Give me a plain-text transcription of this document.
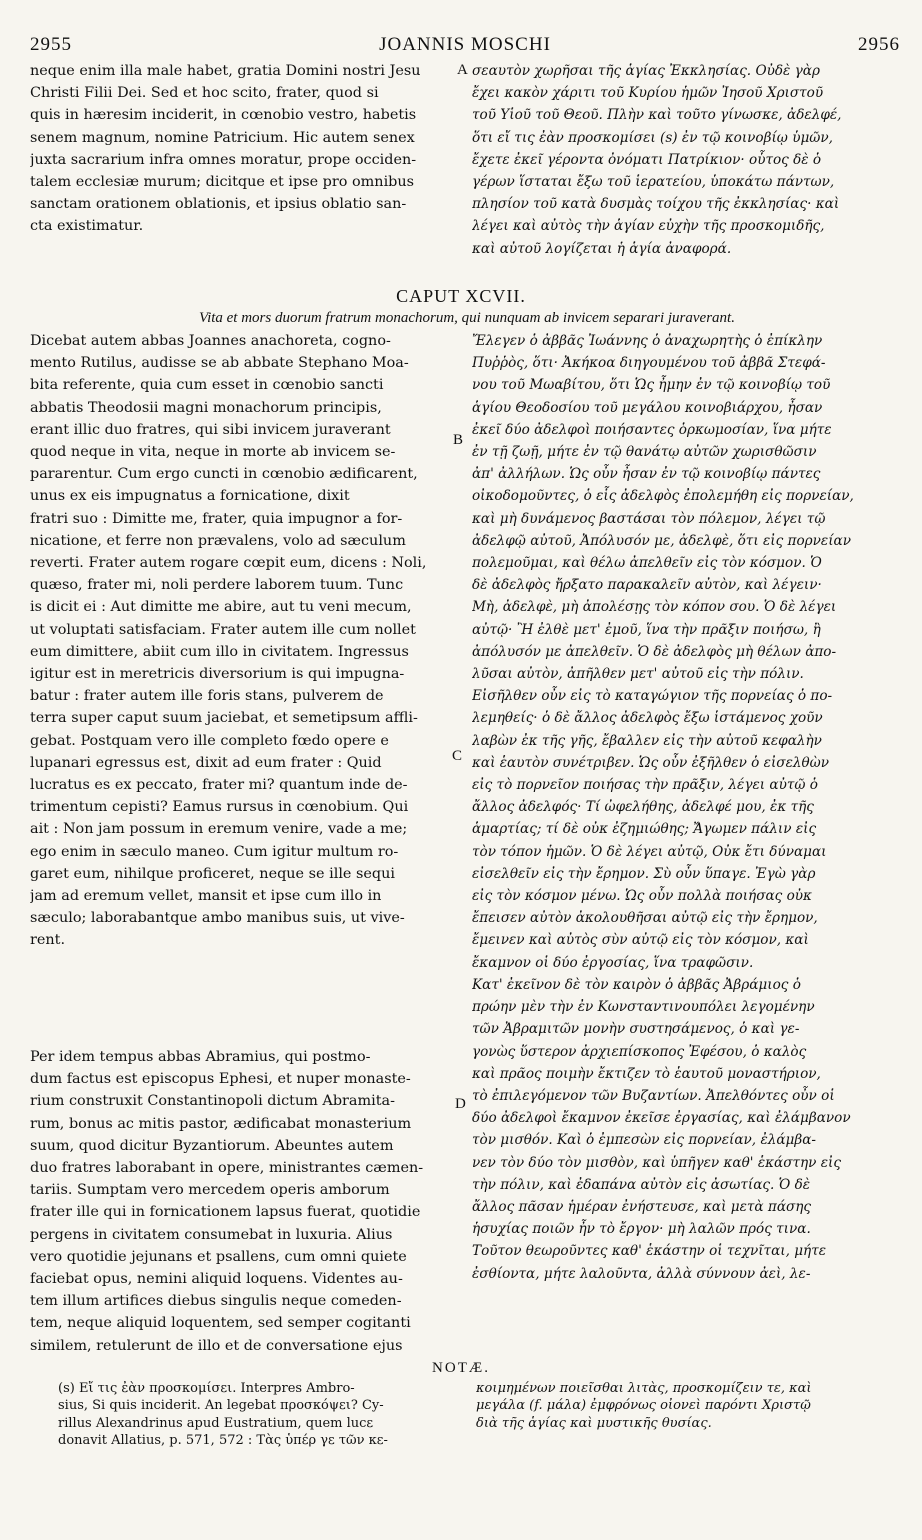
2955	JOANNIS MOSCHI	2956
neque enim illa male habet, gratia Domini nostri Jesu
Christi Filii Dei. Sed et hoc scito, frater, quod si
quis in hæresim inciderit, in cœnobio vestro, habetis
senem magnum, nomine Patricium. Hic autem senex
juxta sacrarium infra omnes moratur, prope occiden-
talem ecclesiæ murum; dicitque et ipse pro omnibus
sanctam orationem oblationis, et ipsius oblatio san-
cta existimatur.
σεαυτὸν χωρῆσαι τῆς ἁγίας Ἐκκλησίας. Οὐδὲ γὰρ
ἔχει κακὸν χάριτι τοῦ Κυρίου ἡμῶν Ἰησοῦ Χριστοῦ
τοῦ Υἱοῦ τοῦ Θεοῦ. Πλὴν καὶ τοῦτο γίνωσκε, ἀδελφέ,
ὅτι εἴ τις ἐὰν προσκομίσει (s) ἐν τῷ κοινοβίῳ ὑμῶν,
ἔχετε ἐκεῖ γέροντα ὀνόματι Πατρίκιον· οὗτος δὲ ὁ
γέρων ἵσταται ἔξω τοῦ ἱερατείου, ὑποκάτω πάντων,
πλησίον τοῦ κατὰ δυσμὰς τοίχου τῆς ἐκκλησίας· καὶ
λέγει καὶ αὐτὸς τὴν ἁγίαν εὐχὴν τῆς προσκομιδῆς,
καὶ αὐτοῦ λογίζεται ἡ ἁγία ἀναφορά.
A
B
C
D
CAPUT XCVII.
Vita et mors duorum fratrum monachorum, qui nunquam ab invicem separari juraverant.
Dicebat autem abbas Joannes anachoreta, cogno-
mento Rutilus, audisse se ab abbate Stephano Moa-
bita referente, quia cum esset in cœnobio sancti
abbatis Theodosii magni monachorum principis,
erant illic duo fratres, qui sibi invicem juraverant
quod neque in vita, neque in morte ab invicem se-
pararentur. Cum ergo cuncti in cœnobio ædificarent,
unus ex eis impugnatus a fornicatione, dixit
fratri suo : Dimitte me, frater, quia impugnor a for-
nicatione, et ferre non prævalens, volo ad sæculum
reverti. Frater autem rogare cœpit eum, dicens : Noli,
quæso, frater mi, noli perdere laborem tuum. Tunc
is dicit ei : Aut dimitte me abire, aut tu veni mecum,
ut voluptati satisfaciam. Frater autem ille cum nollet
eum dimittere, abiit cum illo in civitatem. Ingressus
igitur est in meretricis diversorium is qui impugna-
batur : frater autem ille foris stans, pulverem de
terra super caput suum jaciebat, et semetipsum affli-
gebat. Postquam vero ille completo fœdo opere e
lupanari egressus est, dixit ad eum frater : Quid
lucratus es ex peccato, frater mi? quantum inde de-
trimentum cepisti? Eamus rursus in cœnobium. Qui
ait : Non jam possum in eremum venire, vade a me;
ego enim in sæculo maneo. Cum igitur multum ro-
garet eum, nihilque proficeret, neque se ille sequi
jam ad eremum vellet, mansit et ipse cum illo in
sæculo; laborabantque ambo manibus suis, ut vive-
rent.
Per idem tempus abbas Abramius, qui postmo-
dum factus est episcopus Ephesi, et nuper monaste-
rium construxit Constantinopoli dictum Abramita-
rum, bonus ac mitis pastor, ædificabat monasterium
suum, quod dicitur Byzantiorum. Abeuntes autem
duo fratres laborabant in opere, ministrantes cæmen-
tariis. Sumptam vero mercedem operis amborum
frater ille qui in fornicationem lapsus fuerat, quotidie
pergens in civitatem consumebat in luxuria. Alius
vero quotidie jejunans et psallens, cum omni quiete
faciebat opus, nemini aliquid loquens. Videntes au-
tem illum artifices diebus singulis neque comeden-
tem, neque aliquid loquentem, sed semper cogitanti
similem, retulerunt de illo et de conversatione ejus
Ἔλεγεν ὁ ἀββᾶς Ἰωάννης ὁ ἀναχωρητὴς ὁ ἐπίκλην
Πυῤῥὸς, ὅτι· Ἀκήκοα διηγουμένου τοῦ ἀββᾶ Στεφά-
νου τοῦ Μωαβίτου, ὅτι Ὡς ἦμην ἐν τῷ κοινοβίῳ τοῦ
ἁγίου Θεοδοσίου τοῦ μεγάλου κοινοβιάρχου, ἦσαν
ἐκεῖ δύο ἀδελφοὶ ποιήσαντες ὁρκωμοσίαν, ἵνα μήτε
ἐν τῇ ζωῇ, μήτε ἐν τῷ θανάτῳ αὐτῶν χωρισθῶσιν
ἀπ' ἀλλήλων. Ὡς οὖν ἦσαν ἐν τῷ κοινοβίῳ πάντες
οἰκοδομοῦντες, ὁ εἷς ἀδελφὸς ἐπολεμήθη εἰς πορνείαν,
καὶ μὴ δυνάμενος βαστάσαι τὸν πόλεμον, λέγει τῷ
ἀδελφῷ αὐτοῦ, Ἀπόλυσόν με, ἀδελφὲ, ὅτι εἰς πορνείαν
πολεμοῦμαι, καὶ θέλω ἀπελθεῖν εἰς τὸν κόσμον. Ὁ
δὲ ἀδελφὸς ἤρξατο παρακαλεῖν αὐτὸν, καὶ λέγειν·
Μὴ, ἀδελφὲ, μὴ ἀπολέσῃς τὸν κόπον σου. Ὁ δὲ λέγει
αὐτῷ· Ἢ ἐλθὲ μετ' ἐμοῦ, ἵνα τὴν πρᾶξιν ποιήσω, ἢ
ἀπόλυσόν με ἀπελθεῖν. Ὁ δὲ ἀδελφὸς μὴ θέλων ἀπο-
λῦσαι αὐτὸν, ἀπῆλθεν μετ' αὐτοῦ εἰς τὴν πόλιν.
Εἰσῆλθεν οὖν εἰς τὸ καταγώγιον τῆς πορνείας ὁ πο-
λεμηθείς· ὁ δὲ ἄλλος ἀδελφὸς ἔξω ἱστάμενος χοῦν
λαβὼν ἐκ τῆς γῆς, ἔβαλλεν εἰς τὴν αὐτοῦ κεφαλὴν
καὶ ἑαυτὸν συνέτριβεν. Ὡς οὖν ἐξῆλθεν ὁ εἰσελθὼν
εἰς τὸ πορνεῖον ποιήσας τὴν πρᾶξιν, λέγει αὐτῷ ὁ
ἄλλος ἀδελφός· Τί ὠφελήθης, ἀδελφέ μου, ἐκ τῆς
ἁμαρτίας; τί δὲ οὐκ ἐζημιώθης; Ἄγωμεν πάλιν εἰς
τὸν τόπον ἡμῶν. Ὁ δὲ λέγει αὐτῷ, Οὐκ ἔτι δύναμαι
εἰσελθεῖν εἰς τὴν ἔρημον. Σὺ οὖν ὕπαγε. Ἐγὼ γὰρ
εἰς τὸν κόσμον μένω. Ὡς οὖν πολλὰ ποιήσας οὐκ
ἔπεισεν αὐτὸν ἀκολουθῆσαι αὐτῷ εἰς τὴν ἔρημον,
ἔμεινεν καὶ αὐτὸς σὺν αὐτῷ εἰς τὸν κόσμον, καὶ
ἔκαμνον οἱ δύο ἐργοσίας, ἵνα τραφῶσιν.
Κατ' ἐκεῖνον δὲ τὸν καιρὸν ὁ ἀββᾶς Ἀβράμιος ὁ
πρώην μὲν τὴν ἐν Κωνσταντινουπόλει λεγομένην
τῶν Ἀβραμιτῶν μονὴν συστησάμενος, ὁ καὶ γε-
γονὼς ὕστερον ἀρχιεπίσκοπος Ἐφέσου, ὁ καλὸς
καὶ πρᾶος ποιμὴν ἔκτιζεν τὸ ἑαυτοῦ μοναστήριον,
τὸ ἐπιλεγόμενον τῶν Βυζαντίων. Ἀπελθόντες οὖν οἱ
δύο ἀδελφοὶ ἔκαμνον ἐκεῖσε ἐργασίας, καὶ ἐλάμβανον
τὸν μισθόν. Καὶ ὁ ἐμπεσὼν εἰς πορνείαν, ἐλάμβα-
νεν τὸν δύο τὸν μισθὸν, καὶ ὑπῆγεν καθ' ἑκάστην εἰς
τὴν πόλιν, καὶ ἐδαπάνα αὐτὸν εἰς ἀσωτίας. Ὁ δὲ
ἄλλος πᾶσαν ἡμέραν ἐνήστευσε, καὶ μετὰ πάσης
ἡσυχίας ποιῶν ἦν τὸ ἔργον· μὴ λαλῶν πρός τινα.
Τοῦτον θεωροῦντες καθ' ἑκάστην οἱ τεχνῖται, μήτε
ἐσθίοντα, μήτε λαλοῦντα, ἀλλὰ σύννουν ἀεὶ, λε-
NOTÆ.
(s) Εἴ τις ἐὰν προσκομίσει. Interpres Ambro-
sius, Si quis inciderit. An legebat προσκόψει? Cy-
rillus Alexandrinus apud Eustratium, quem lucε
donavit Allatius, p. 571, 572 : Τὰς ὑπέρ γε τῶν κε-
κοιμημένων ποιεῖσθαι λιτὰς, προσκομίζειν τε, καὶ
μεγάλα (f. μάλα) ἐμφρόνως οἰονεὶ παρόντι Χριστῷ
διὰ τῆς ἁγίας καὶ μυστικῆς θυσίας.
